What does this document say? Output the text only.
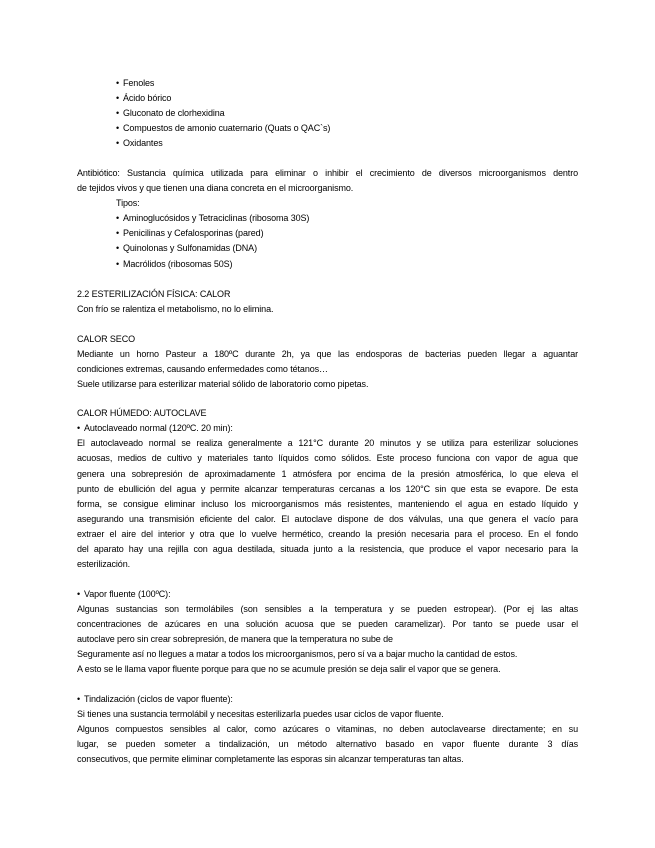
• Fenoles
• Ácido bórico
• Gluconato de clorhexidina
• Compuestos de amonio cuaternario (Quats o QAC`s)
• Oxidantes
Antibiótico: Sustancia química utilizada para eliminar o inhibir el crecimiento de diversos microorganismos dentro
de tejidos vivos y que tienen una diana concreta en el microorganismo.
Tipos:
• Aminoglucósidos y Tetraciclinas (ribosoma 30S)
• Penicilinas y Cefalosporinas (pared)
• Quinolonas y Sulfonamidas (DNA)
• Macrólidos (ribosomas 50S)
2.2 ESTERILIZACIÓN FÍSICA: CALOR
Con frío se ralentiza el metabolismo, no lo elimina.
CALOR SECO
Mediante un horno Pasteur a 180ºC durante 2h, ya que las endosporas de bacterias pueden llegar a aguantar
condiciones extremas, causando enfermedades como tétanos…
Suele utilizarse para esterilizar material sólido de laboratorio como pipetas.
CALOR HÚMEDO: AUTOCLAVE
• Autoclaveado normal (120ºC. 20 min):
El autoclaveado normal se realiza generalmente a 121°C durante 20 minutos y se utiliza para esterilizar soluciones
acuosas, medios de cultivo y materiales tanto líquidos como sólidos. Este proceso funciona con vapor de agua que
genera una sobrepresión de aproximadamente 1 atmósfera por encima de la presión atmosférica, lo que eleva el
punto de ebullición del agua y permite alcanzar temperaturas cercanas a los 120°C sin que esta se evapore. De esta
forma, se consigue eliminar incluso los microorganismos más resistentes, manteniendo el agua en estado líquido y
asegurando una transmisión eficiente del calor. El autoclave dispone de dos válvulas, una que genera el vacío para
extraer el aire del interior y otra que lo vuelve hermético, creando la presión necesaria para el proceso. En el fondo
del aparato hay una rejilla con agua destilada, situada junto a la resistencia, que produce el vapor necesario para la
esterilización.
• Vapor fluente (100ºC):
Algunas sustancias son termolábiles (son sensibles a la temperatura y se pueden estropear). (Por ej las altas
concentraciones de azúcares en una solución acuosa que se pueden caramelizar). Por tanto se puede usar el
autoclave pero sin crear sobrepresión, de manera que la temperatura no sube de
Seguramente así no llegues a matar a todos los microorganismos, pero sí va a bajar mucho la cantidad de estos.
A esto se le llama vapor fluente porque para que no se acumule presión se deja salir el vapor que se genera.
• Tindalización (ciclos de vapor fluente):
Si tienes una sustancia termolábil y necesitas esterilizarla puedes usar ciclos de vapor fluente.
Algunos compuestos sensibles al calor, como azúcares o vitaminas, no deben autoclavearse directamente; en su
lugar, se pueden someter a tindalización, un método alternativo basado en vapor fluente durante 3 días
consecutivos, que permite eliminar completamente las esporas sin alcanzar temperaturas tan altas.
